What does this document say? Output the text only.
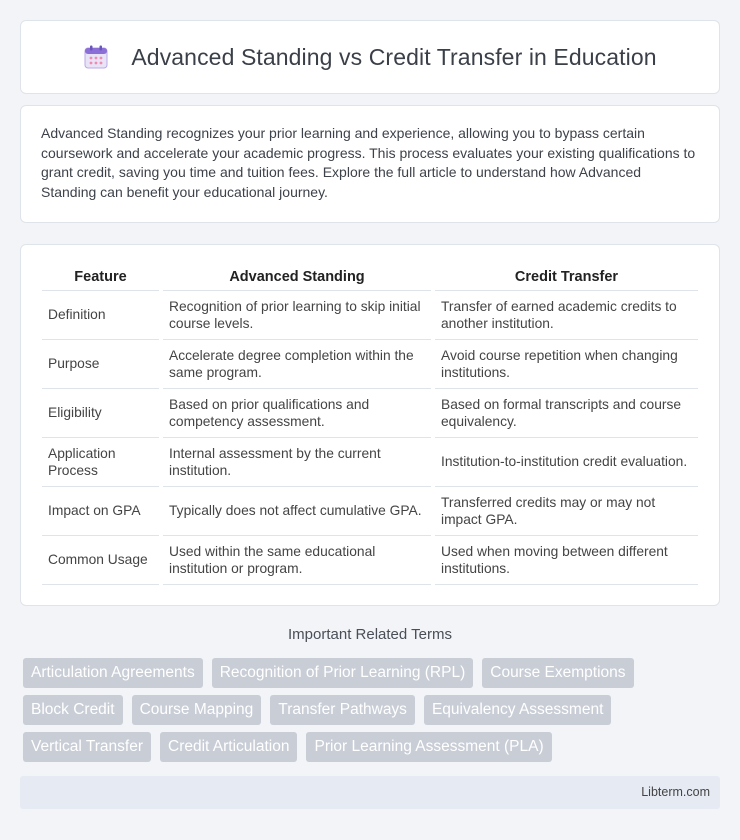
Advanced Standing vs Credit Transfer in Education

Advanced Standing recognizes your prior learning and experience, allowing you to bypass certain coursework and accelerate your academic progress. This process evaluates your existing qualifications to grant credit, saving you time and tuition fees. Explore the full article to understand how Advanced Standing can benefit your educational journey.

Feature	Advanced Standing	Credit Transfer
Definition	Recognition of prior learning to skip initial course levels.	Transfer of earned academic credits to another institution.
Purpose	Accelerate degree completion within the same program.	Avoid course repetition when changing institutions.
Eligibility	Based on prior qualifications and competency assessment.	Based on formal transcripts and course equivalency.
Application Process	Internal assessment by the current institution.	Institution-to-institution credit evaluation.
Impact on GPA	Typically does not affect cumulative GPA.	Transferred credits may or may not impact GPA.
Common Usage	Used within the same educational institution or program.	Used when moving between different institutions.
Important Related Terms
Articulation Agreements	Recognition of Prior Learning (RPL)	Course Exemptions
Block Credit	Course Mapping	Transfer Pathways	Equivalency Assessment
Vertical Transfer	Credit Articulation	Prior Learning Assessment (PLA)
Libterm.com
